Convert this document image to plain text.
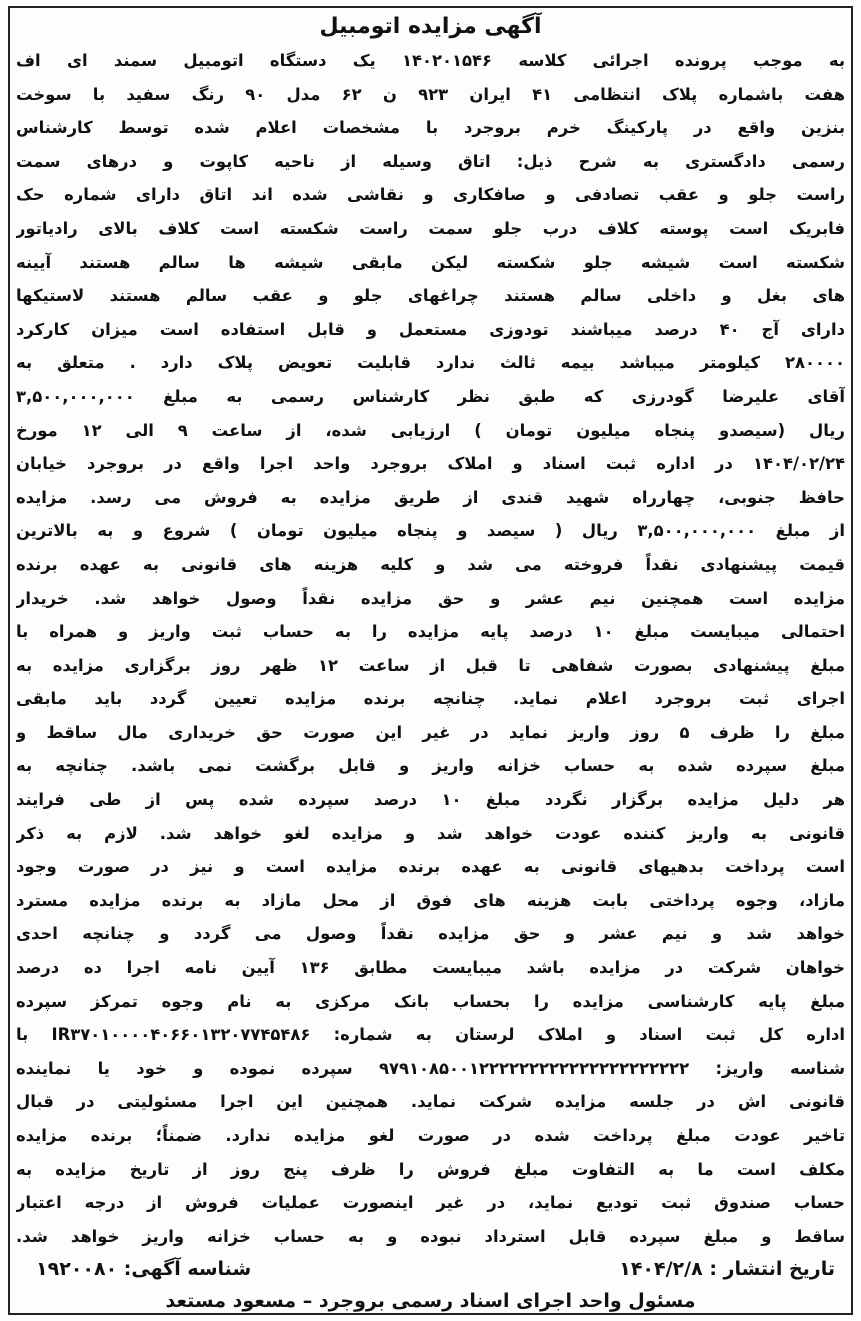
آگهی مزایده اتومبیل
به موجب پرونده اجرائی کلاسه ۱۴۰۲۰۱۵۴۶ یک دستگاه اتومبیل سمند ای اف
هفت باشماره پلاک انتظامی ۴۱ ایران ۹۲۳ ن ۶۲ مدل ۹۰ رنگ سفید با سوخت
بنزین واقع در پارکینگ خرم بروجرد با مشخصات اعلام شده توسط کارشناس
رسمی دادگستری به شرح ذیل: اتاق وسیله از ناحیه کاپوت و درهای سمت
راست جلو و عقب تصادفی و صافکاری و نقاشی شده اند اتاق دارای شماره حک
فابریک است پوسته کلاف درب جلو سمت راست شکسته است کلاف بالای رادیاتور
شکسته است شیشه جلو شکسته لیکن مابقی شیشه ها سالم هستند آیینه
های بغل و داخلی سالم هستند چراغهای جلو و عقب سالم هستند لاستیکها
دارای آج ۴۰ درصد میباشند تودوزی مستعمل و قابل استفاده است میزان کارکرد
۲۸۰۰۰۰ کیلومتر میباشد بیمه ثالث ندارد قابلیت تعویض پلاک دارد . متعلق به
آقای علیرضا گودرزی که طبق نظر کارشناس رسمی به مبلغ ۳,۵۰۰,۰۰۰,۰۰۰
ریال (سیصدو پنجاه میلیون تومان ) ارزیابی شده، از ساعت ۹ الی ۱۲ مورخ
۱۴۰۴/۰۲/۲۴ در اداره ثبت اسناد و املاک بروجرد واحد اجرا واقع در بروجرد خیابان
حافظ جنوبی، چهارراه شهید قندی از طریق مزایده به فروش می رسد. مزایده
از مبلغ ۳,۵۰۰,۰۰۰,۰۰۰ ریال ( سیصد و پنجاه میلیون تومان ) شروع و به بالاترین
قیمت پیشنهادی نقداً فروخته می شد و کلیه هزینه های قانونی به عهده برنده
مزایده است همچنین نیم عشر و حق مزایده نقداً وصول خواهد شد. خریدار
احتمالی میبایست مبلغ ۱۰ درصد پایه مزایده را به حساب ثبت واریز و همراه با
مبلغ پیشنهادی بصورت شفاهی تا قبل از ساعت ۱۲ ظهر روز برگزاری مزایده به
اجرای ثبت بروجرد اعلام نماید. چنانچه برنده مزایده تعیین گردد باید مابقی
مبلغ را ظرف ۵ روز واریز نماید در غیر این صورت حق خریداری مال ساقط و
مبلغ سپرده شده به حساب خزانه واریز و قابل برگشت نمی باشد. چنانچه به
هر دلیل مزایده برگزار نگردد مبلغ ۱۰ درصد سپرده شده پس از طی فرایند
قانونی به واریز کننده عودت خواهد شد و مزایده لغو خواهد شد. لازم به ذکر
است پرداخت بدهیهای قانونی به عهده برنده مزایده است و نیز در صورت وجود
مازاد، وجوه پرداختی بابت هزینه های فوق از محل مازاد به برنده مزایده مسترد
خواهد شد و نیم عشر و حق مزایده نقداً وصول می گردد و چنانچه احدی
خواهان شرکت در مزایده باشد میبایست مطابق ۱۳۶ آیین نامه اجرا ده درصد
مبلغ پایه کارشناسی مزایده را بحساب بانک مرکزی به نام وجوه تمرکز سپرده
اداره کل ثبت اسناد و املاک لرستان به شماره: IR۳۷۰۱۰۰۰۰۴۰۶۶۰۱۳۲۰۷۷۴۵۴۸۶ با
شناسه واریز: ۹۷۹۱۰۸۵۰۰۱۲۲۲۲۲۲۲۲۲۲۲۲۲۲۲۲۲۲۲۲۲ سپرده نموده و خود یا نماینده
قانونی اش در جلسه مزایده شرکت نماید. همچنین این اجرا مسئولیتی در قبال
تاخیر عودت مبلغ پرداخت شده در صورت لغو مزایده ندارد. ضمناً؛ برنده مزایده
مکلف است ما به التفاوت مبلغ فروش را ظرف پنج روز از تاریخ مزایده به
حساب صندوق ثبت تودیع نماید، در غیر اینصورت عملیات فروش از درجه اعتبار
ساقط و مبلغ سپرده قابل استرداد نبوده و به حساب خزانه واریز خواهد شد.
تاریخ انتشار : ۱۴۰۴/۲/۸
شناسه آگهی: ۱۹۲۰۰۸۰
مسئول واحد اجرای اسناد رسمی بروجرد – مسعود مستعد
